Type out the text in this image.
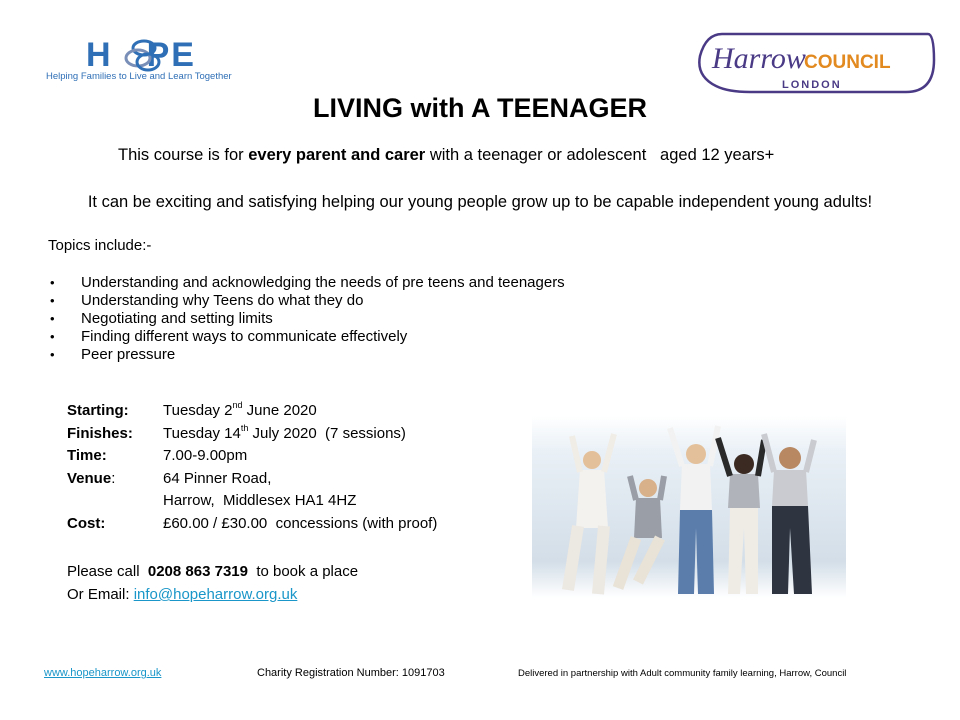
H PE
Helping Families to Live and Learn Together
Harrow
COUNCIL
LONDON
LIVING with A TEENAGER
This course is for every parent and carer with a teenager or adolescent   aged 12 years+
It can be exciting and satisfying helping our young people grow up to be capable independent young adults!
Topics include:-
• Understanding and acknowledging the needs of pre teens and teenagers
• Understanding why Teens do what they do
• Negotiating and setting limits
• Finding different ways to communicate effectively
• Peer pressure
Starting: Tuesday 2nd June 2020
Finishes: Tuesday 14th July 2020  (7 sessions)
Time:	7.00-9.00pm
Venue:	64 Pinner Road,
Harrow,  Middlesex HA1 4HZ
Cost:	£60.00 / £30.00  concessions (with proof)
Please call  0208 863 7319  to book a place
Or Email: info@hopeharrow.org.uk
www.hopeharrow.org.uk	Charity Registration Number: 1091703	Delivered in partnership with Adult community family learning, Harrow, Council
